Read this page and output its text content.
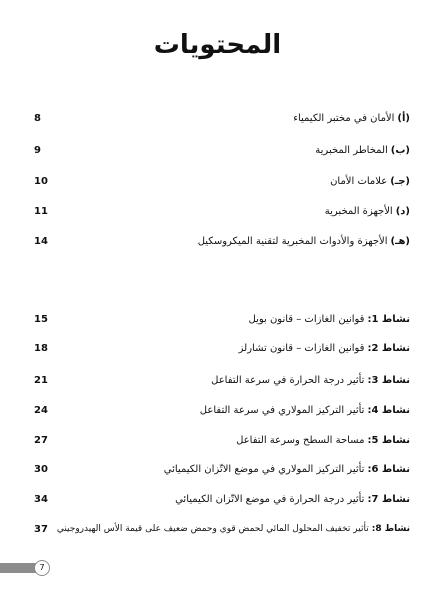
المحتويات
(أ)
الأمان في مختبر الكيمياء
8
(ب)
المخاطر المخبرية
9
(جـ)
علامات الأمان
10
(د)
الأجهزة المخبرية
11
(هـ)
الأجهزة والأدوات المخبرية لتقنية الميكروسكيل
14
نشاط 1:
قوانين الغازات – قانون بويل
15
نشاط 2:
قوانين الغازات – قانون تشارلز
18
نشاط 3:
تأثير درجة الحرارة في سرعة التفاعل
21
نشاط 4:
تأثير التركيز المولاري في سرعة التفاعل
24
نشاط 5:
مساحة السطح وسرعة التفاعل
27
نشاط 6:
تأثير التركيز المولاري في موضع الاتّزان الكيميائي
30
نشاط 7:
تأثير درجة الحرارة في موضع الاتّزان الكيميائي
34
نشاط 8:
تأثير تخفيف المحلول المائي لحمض قوي وحمض ضعيف على قيمة الأس الهيدروجيني
37
7
